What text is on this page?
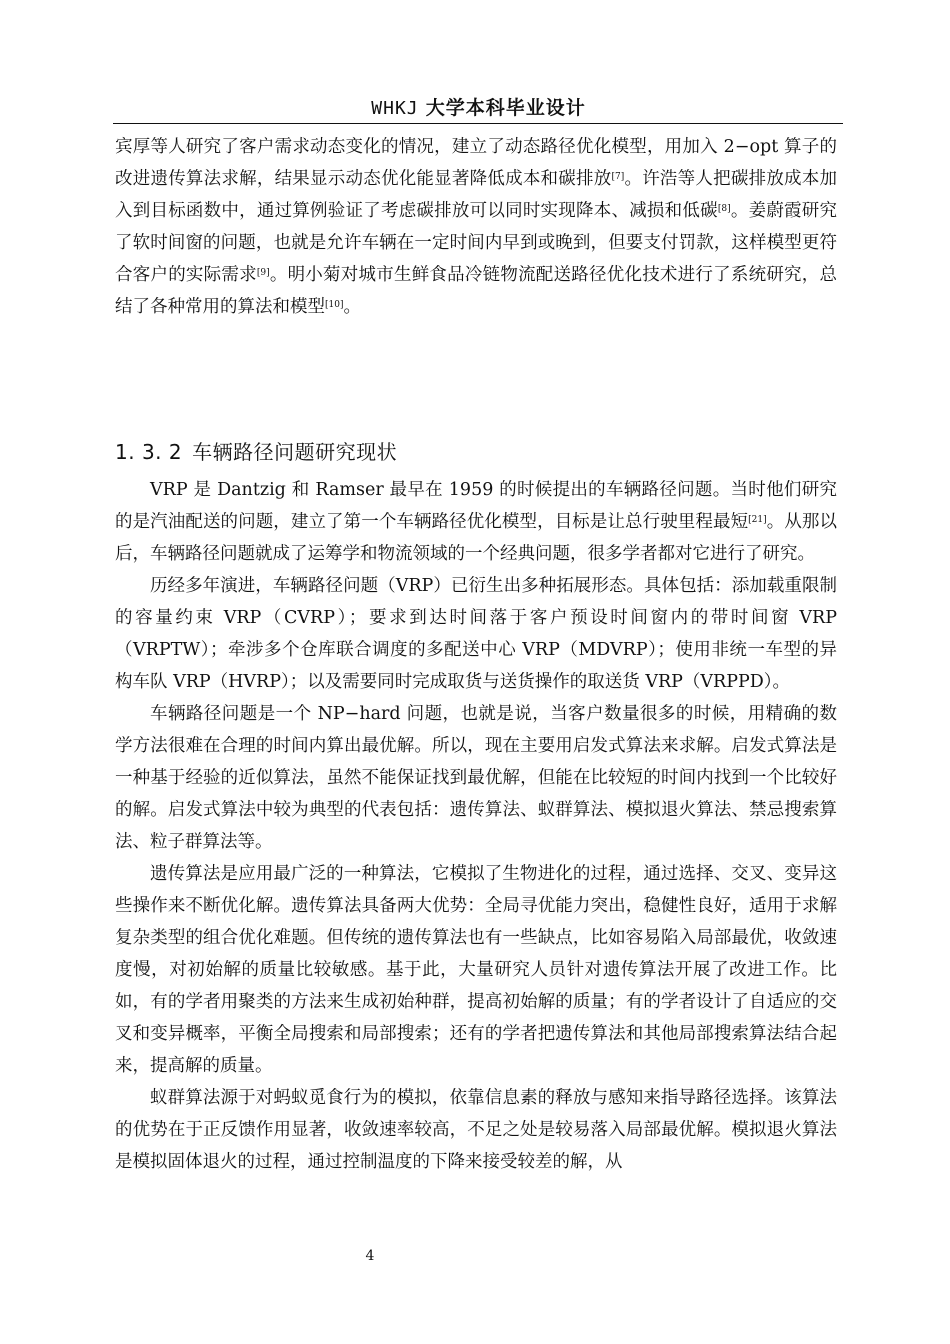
WHKJ 大学本科毕业设计

宾厚等人研究了客户需求动态变化的情况，建立了动态路径优化模型，用加入 2−opt 算子的改进遗传算法求解，结果显示动态优化能显著降低成本和碳排放[7]。许浩等人把碳排放成本加入到目标函数中，通过算例验证了考虑碳排放可以同时实现降本、减损和低碳[8]。姜蔚霞研究了软时间窗的问题，也就是允许车辆在一定时间内早到或晚到，但要支付罚款，这样模型更符合客户的实际需求[9]。明小菊对城市生鲜食品冷链物流配送路径优化技术进行了系统研究，总结了各种常用的算法和模型[10]。

1. 3. 2 车辆路径问题研究现状

VRP 是 Dantzig 和 Ramser 最早在 1959 的时候提出的车辆路径问题。当时他们研究的是汽油配送的问题，建立了第一个车辆路径优化模型，目标是让总行驶里程最短[21]。从那以后，车辆路径问题就成了运筹学和物流领域的一个经典问题，很多学者都对它进行了研究。

历经多年演进，车辆路径问题（VRP）已衍生出多种拓展形态。具体包括：添加载重限制的容量约束 VRP（CVRP）；要求到达时间落于客户预设时间窗内的带时间窗 VRP（VRPTW）；牵涉多个仓库联合调度的多配送中心 VRP（MDVRP）；使用非统一车型的异构车队 VRP（HVRP）；以及需要同时完成取货与送货操作的取送货 VRP（VRPPD）。

车辆路径问题是一个 NP−hard 问题，也就是说，当客户数量很多的时候，用精确的数学方法很难在合理的时间内算出最优解。所以，现在主要用启发式算法来求解。启发式算法是一种基于经验的近似算法，虽然不能保证找到最优解，但能在比较短的时间内找到一个比较好的解。启发式算法中较为典型的代表包括：遗传算法、蚁群算法、模拟退火算法、禁忌搜索算法、粒子群算法等。

遗传算法是应用最广泛的一种算法，它模拟了生物进化的过程，通过选择、交叉、变异这些操作来不断优化解。遗传算法具备两大优势：全局寻优能力突出，稳健性良好，适用于求解复杂类型的组合优化难题。但传统的遗传算法也有一些缺点，比如容易陷入局部最优，收敛速度慢，对初始解的质量比较敏感。基于此，大量研究人员针对遗传算法开展了改进工作。比如，有的学者用聚类的方法来生成初始种群，提高初始解的质量；有的学者设计了自适应的交叉和变异概率，平衡全局搜索和局部搜索；还有的学者把遗传算法和其他局部搜索算法结合起来，提高解的质量。

蚁群算法源于对蚂蚁觅食行为的模拟，依靠信息素的释放与感知来指导路径选择。该算法的优势在于正反馈作用显著，收敛速率较高，不足之处是较易落入局部最优解。模拟退火算法是模拟固体退火的过程，通过控制温度的下降来接受较差的解，从

4
